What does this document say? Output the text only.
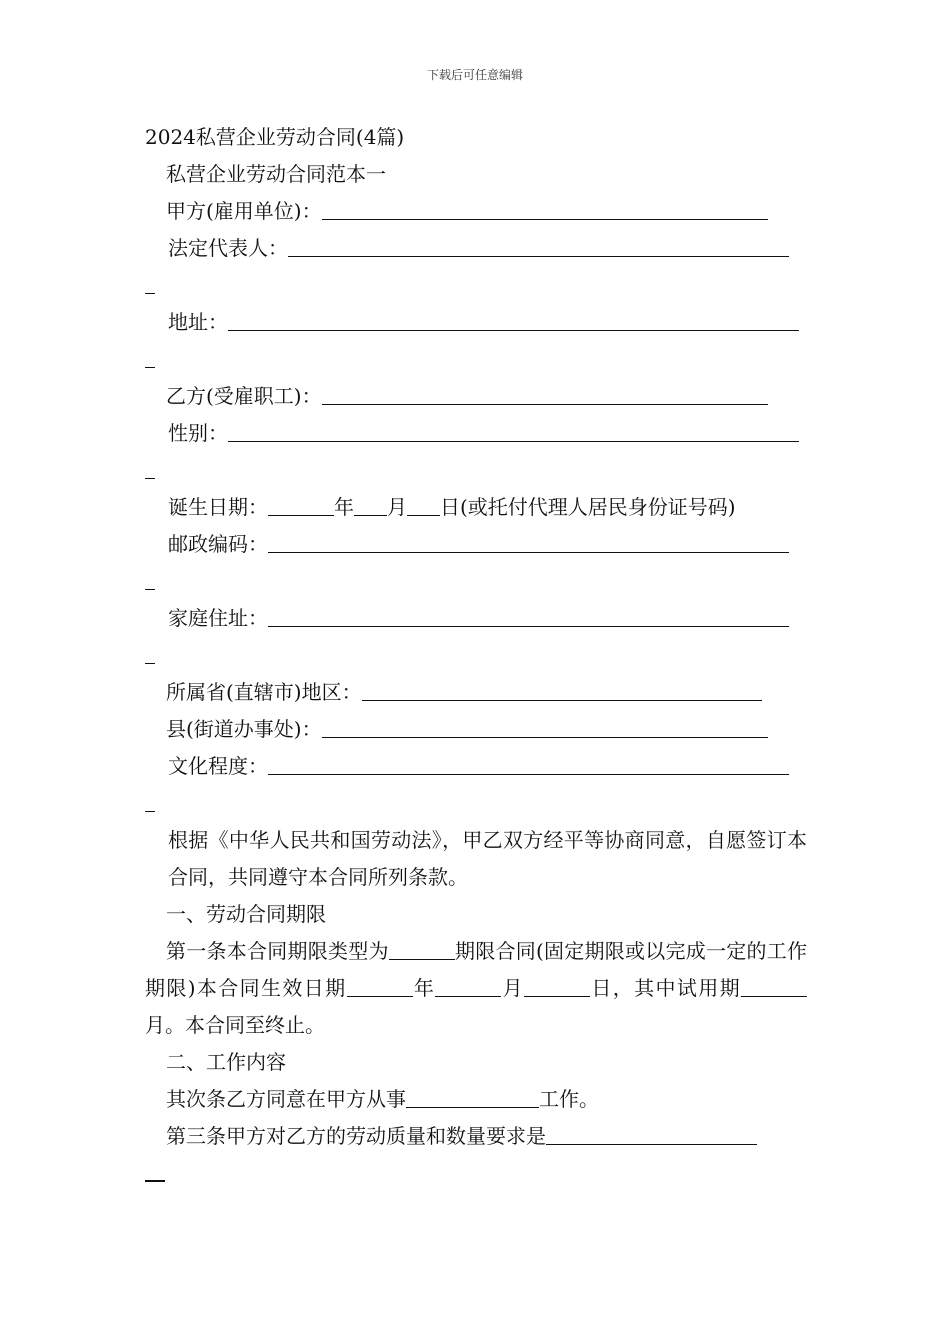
下载后可任意编辑
2024私营企业劳动合同(4篇)
私营企业劳动合同范本一
甲方(雇用单位)：
法定代表人：
地址：
乙方(受雇职工)：
性别：
诞生日期：	年 月 日(或托付代理人居民身份证号码)
邮政编码：
家庭住址：
所属省(直辖市)地区：
县(街道办事处)：
文化程度：
根据《中华人民共和国劳动法》，甲乙双方经平等协商同意，自愿签订本合同，共同遵守本合同所列条款。
一、劳动合同期限
第一条本合同期限类型为	期限合同(固定期限或以完成一定的工作期限)本合同生效日期	年	月	日，其中试用期月。本合同至终止。
二、工作内容
其次条乙方同意在甲方从事	工作。
第三条甲方对乙方的劳动质量和数量要求是
